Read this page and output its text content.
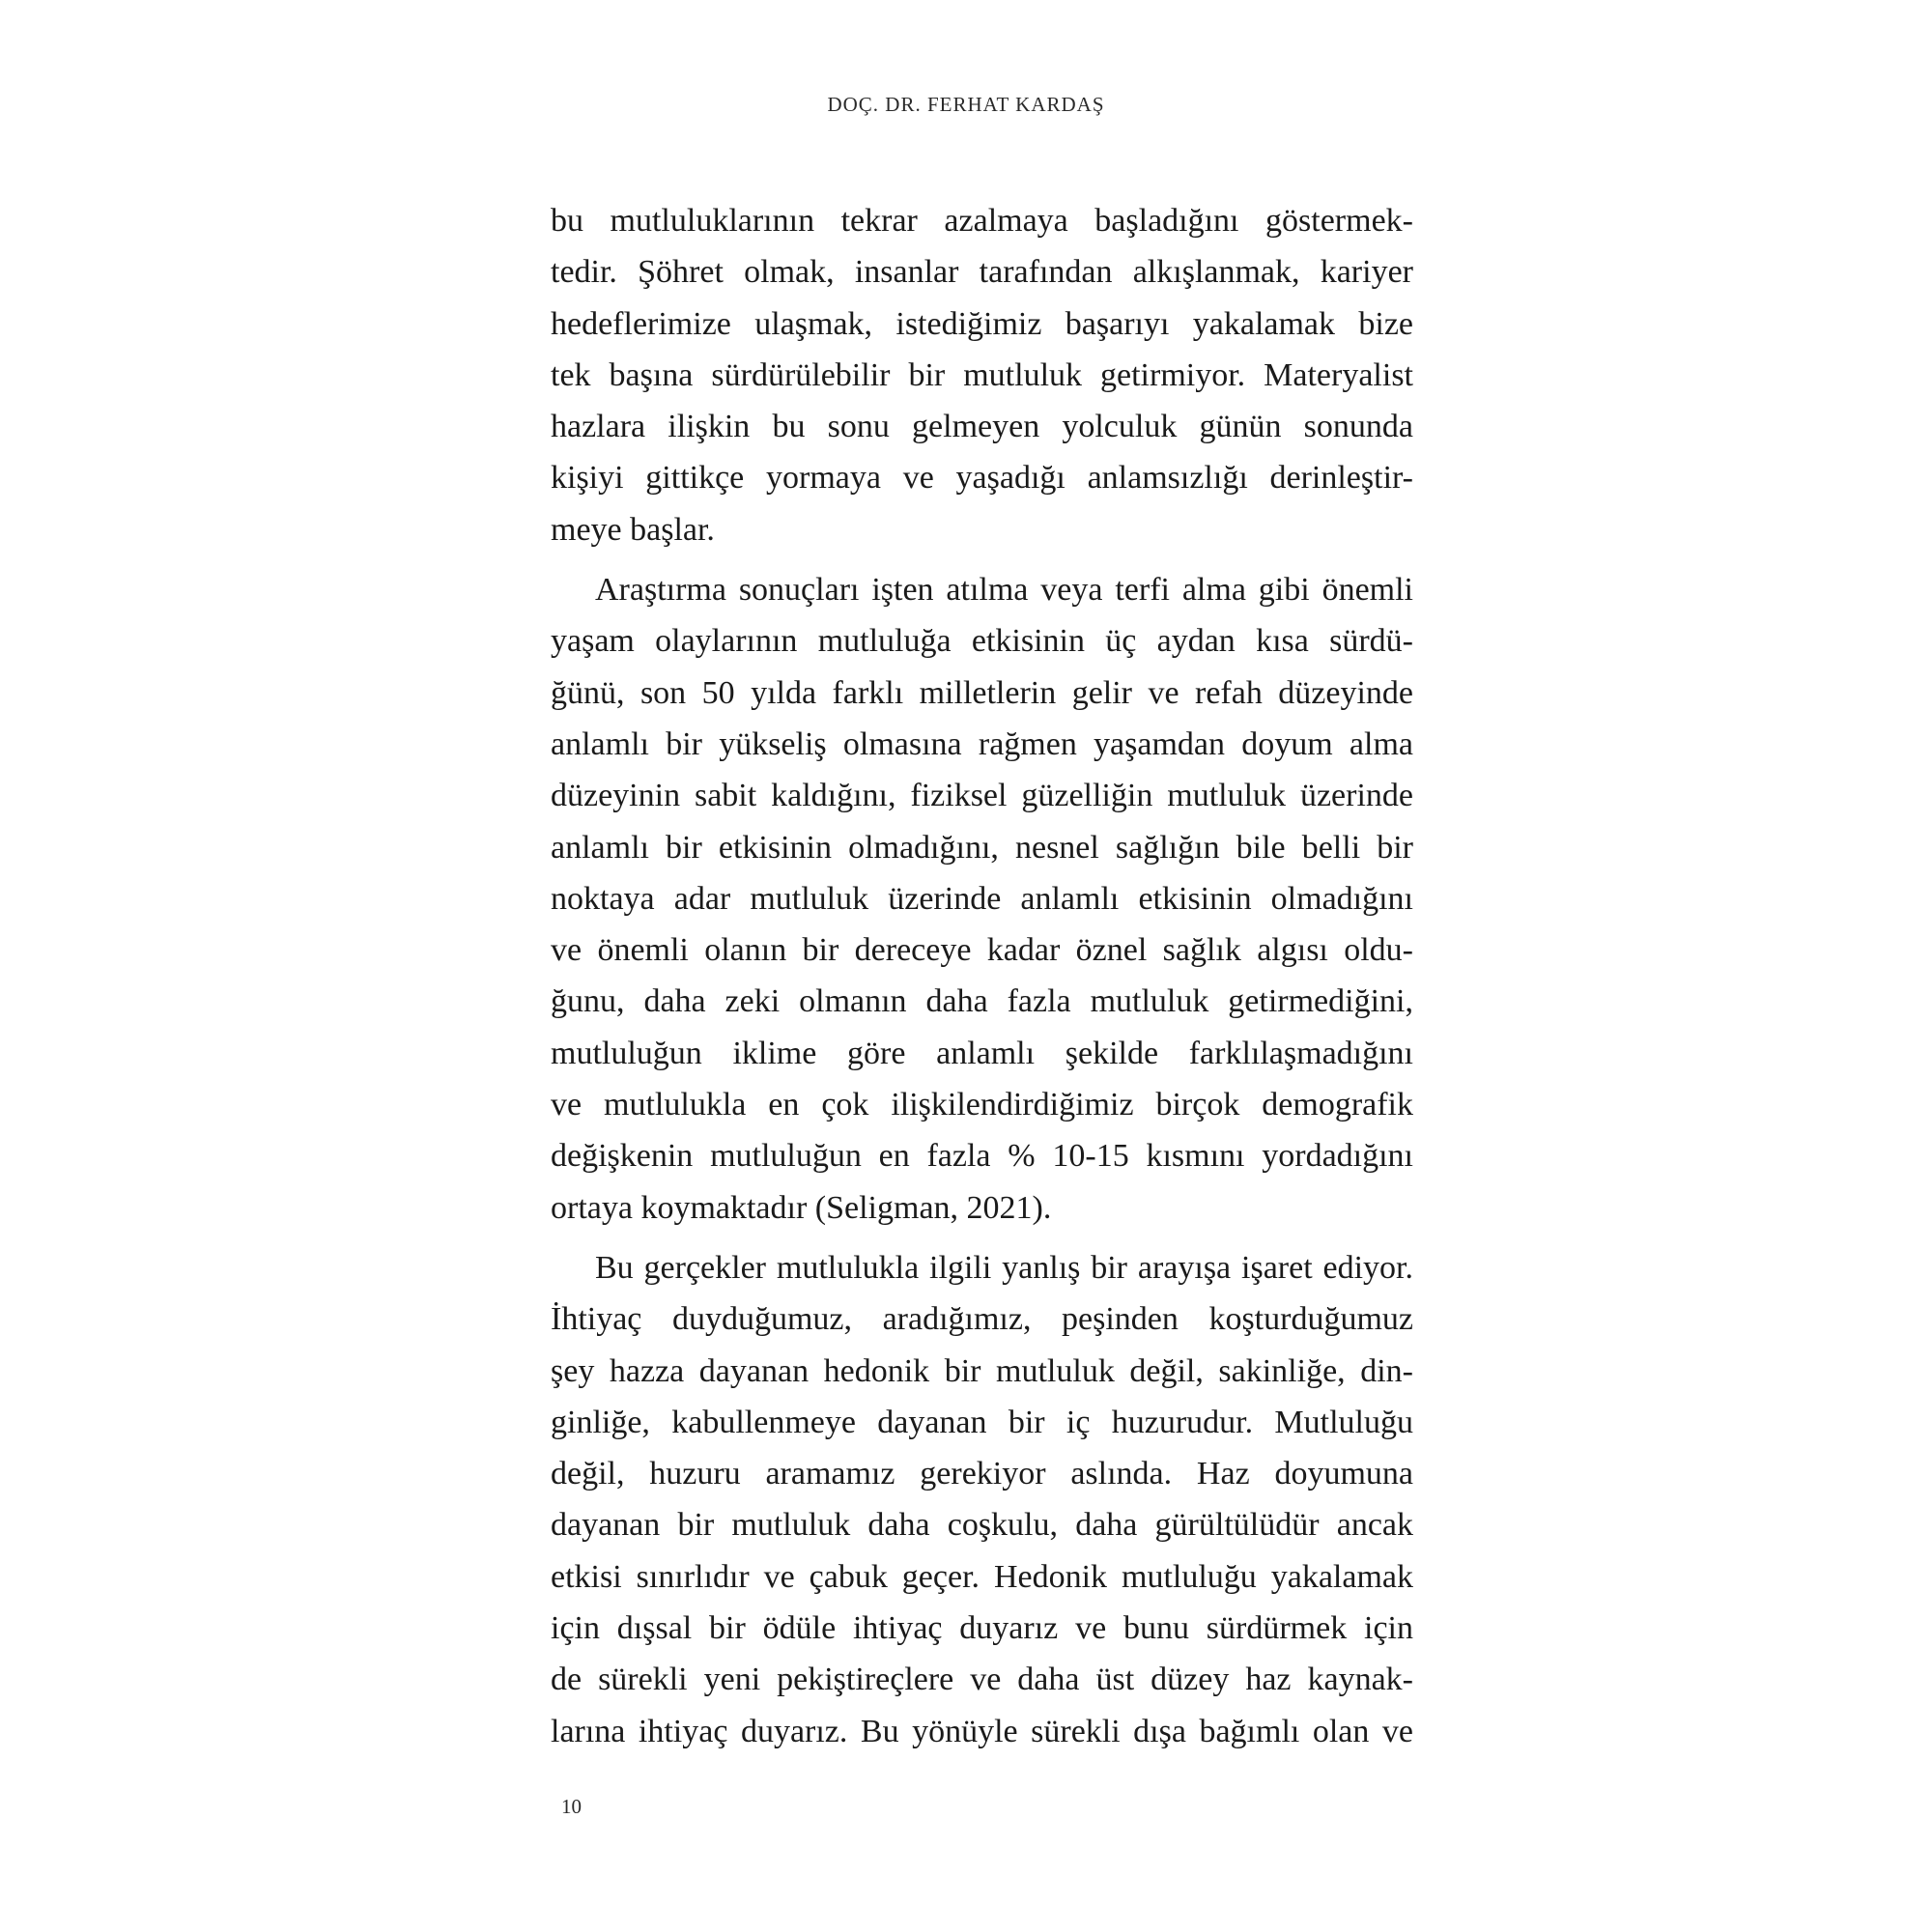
DOÇ. DR. FERHAT KARDAŞ
bu mutluluklarının tekrar azalmaya başladığını göstermek-
tedir. Şöhret olmak, insanlar tarafından alkışlanmak, kariyer
hedeflerimize ulaşmak, istediğimiz başarıyı yakalamak bize
tek başına sürdürülebilir bir mutluluk getirmiyor. Materyalist
hazlara ilişkin bu sonu gelmeyen yolculuk günün sonunda
kişiyi gittikçe yormaya ve yaşadığı anlamsızlığı derinleştir-
meye başlar.
Araştırma sonuçları işten atılma veya terfi alma gibi önemli
yaşam olaylarının mutluluğa etkisinin üç aydan kısa sürdü-
ğünü, son 50 yılda farklı milletlerin gelir ve refah düzeyinde
anlamlı bir yükseliş olmasına rağmen yaşamdan doyum alma
düzeyinin sabit kaldığını, fiziksel güzelliğin mutluluk üzerinde
anlamlı bir etkisinin olmadığını, nesnel sağlığın bile belli bir
noktaya adar mutluluk üzerinde anlamlı etkisinin olmadığını
ve önemli olanın bir dereceye kadar öznel sağlık algısı oldu-
ğunu, daha zeki olmanın daha fazla mutluluk getirmediğini,
mutluluğun iklime göre anlamlı şekilde farklılaşmadığını
ve mutlulukla en çok ilişkilendirdiğimiz birçok demografik
değişkenin mutluluğun en fazla % 10-15 kısmını yordadığını
ortaya koymaktadır (Seligman, 2021).
Bu gerçekler mutlulukla ilgili yanlış bir arayışa işaret ediyor.
İhtiyaç duyduğumuz, aradığımız, peşinden koşturduğumuz
şey hazza dayanan hedonik bir mutluluk değil, sakinliğe, din-
ginliğe, kabullenmeye dayanan bir iç huzurudur. Mutluluğu
değil, huzuru aramamız gerekiyor aslında. Haz doyumuna
dayanan bir mutluluk daha coşkulu, daha gürültülüdür ancak
etkisi sınırlıdır ve çabuk geçer. Hedonik mutluluğu yakalamak
için dışsal bir ödüle ihtiyaç duyarız ve bunu sürdürmek için
de sürekli yeni pekiştireçlere ve daha üst düzey haz kaynak-
larına ihtiyaç duyarız. Bu yönüyle sürekli dışa bağımlı olan ve
10
